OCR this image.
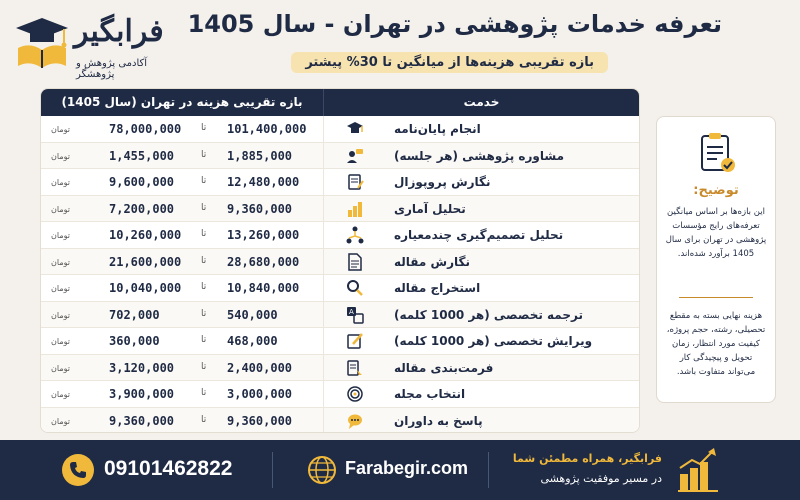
فرابگیر
آکادمی پژوهش و پژوهشگر
تعرفه خدمات پژوهشی در تهران - سال 1405
بازه تقریبی هزینه‌ها از میانگین تا 30% پیشتر
بازه تقریبی هزینه در تهران (سال 1405)	خدمت
تومان	78,000,000 تا 101,400,000	انجام پایان‌نامه
تومان	1,455,000	تا 1,885,000	مشاوره پژوهشی (هر جلسه)
تومان	9,600,000	تا 12,480,000	نگارش پروپوزال
تومان	7,200,000	تا 9,360,000	تحلیل آماری
تومان	10,260,000 تا 13,260,000	تحلیل تصمیم‌گیری چندمعیاره
تومان	21,600,000 تا 28,680,000	نگارش مقاله
تومان	10,040,000 تا 10,840,000	استخراج مقاله
تومان	702,000	تا 540,000	A	ترجمه تخصصی (هر 1000 کلمه)
تومان	360,000	تا 468,000	ویرایش تخصصی (هر 1000 کلمه)
تومان	3,120,000	تا 2,400,000	فرمت‌بندی مقاله
تومان	3,900,000	تا 3,000,000	انتخاب مجله
تومان	9,360,000	تا 9,360,000	پاسخ به داوران
توضیح:
این بازه‌ها بر اساس میانگین تعرفه‌های رایج مؤسسات پژوهشی در تهران برای سال 1405 برآورد شده‌اند.
هزینه نهایی بسته به مقطع تحصیلی، رشته، حجم پروژه، کیفیت مورد انتظار، زمان تحویل و پیچیدگی کار می‌تواند متفاوت باشد.
09101462822	Farabegir.com	فرابگیر، همراه مطمئن شما
در مسیر موفقیت پژوهشی
